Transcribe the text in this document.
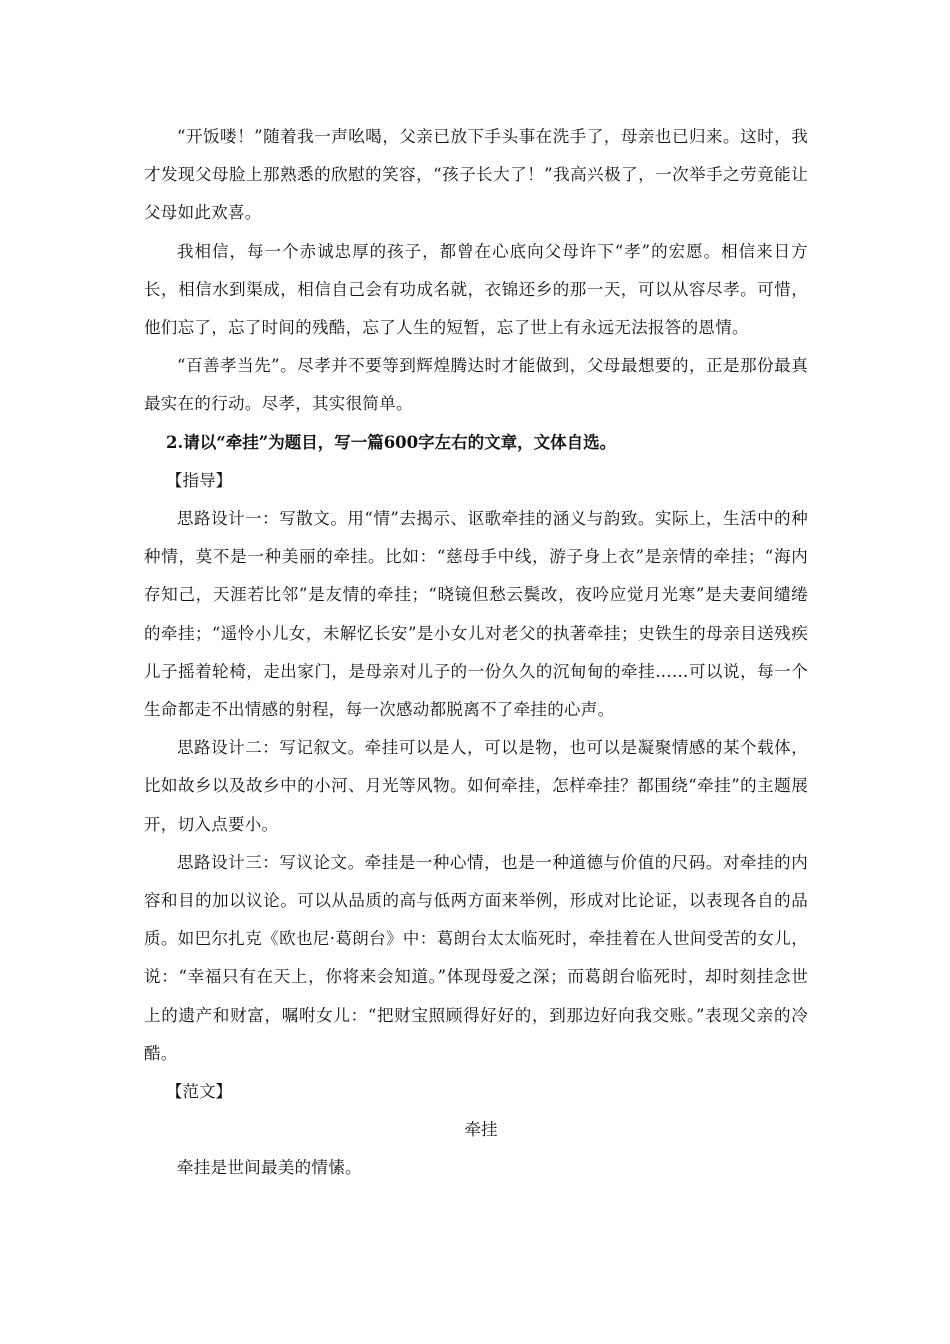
“开饭喽！”随着我一声吆喝，父亲已放下手头事在洗手了，母亲也已归来。这时，我才发现父母脸上那熟悉的欣慰的笑容，“孩子长大了！”我高兴极了，一次举手之劳竟能让父母如此欢喜。

我相信，每一个赤诚忠厚的孩子，都曾在心底向父母许下“孝”的宏愿。相信来日方长，相信水到渠成，相信自己会有功成名就，衣锦还乡的那一天，可以从容尽孝。可惜，他们忘了，忘了时间的残酷，忘了人生的短暂，忘了世上有永远无法报答的恩情。

“百善孝当先”。尽孝并不要等到辉煌腾达时才能做到，父母最想要的，正是那份最真最实在的行动。尽孝，其实很简单。

2.请以“牵挂”为题目，写一篇600字左右的文章，文体自选。

【指导】

思路设计一：写散文。用“情”去揭示、讴歌牵挂的涵义与韵致。实际上，生活中的种种情，莫不是一种美丽的牵挂。比如：“慈母手中线，游子身上衣”是亲情的牵挂；“海内存知己，天涯若比邻”是友情的牵挂；“晓镜但愁云鬓改，夜吟应觉月光寒”是夫妻间缱绻的牵挂；“遥怜小儿女，未解忆长安”是小女儿对老父的执著牵挂；史铁生的母亲目送残疾儿子摇着轮椅，走出家门，是母亲对儿子的一份久久的沉甸甸的牵挂……可以说，每一个生命都走不出情感的射程，每一次感动都脱离不了牵挂的心声。

思路设计二：写记叙文。牵挂可以是人，可以是物，也可以是凝聚情感的某个载体，比如故乡以及故乡中的小河、月光等风物。如何牵挂，怎样牵挂？都围绕“牵挂”的主题展开，切入点要小。

思路设计三：写议论文。牵挂是一种心情，也是一种道德与价值的尺码。对牵挂的内容和目的加以议论。可以从品质的高与低两方面来举例，形成对比论证，以表现各自的品质。如巴尔扎克《欧也尼·葛朗台》中：葛朗台太太临死时，牵挂着在人世间受苦的女儿，说：“幸福只有在天上，你将来会知道。”体现母爱之深；而葛朗台临死时，却时刻挂念世上的遗产和财富，嘱咐女儿：“把财宝照顾得好好的，到那边好向我交账。”表现父亲的冷酷。

【范文】

牵挂

牵挂是世间最美的情愫。
